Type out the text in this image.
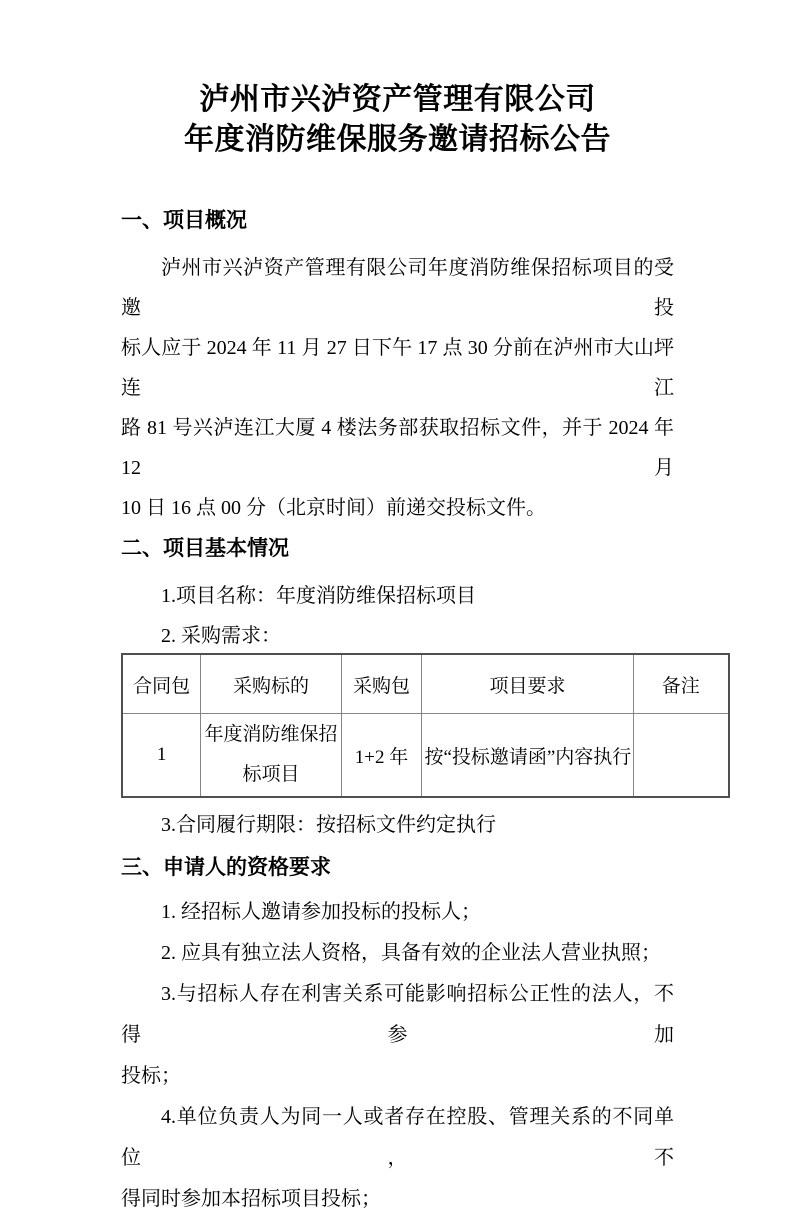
泸州市兴泸资产管理有限公司
年度消防维保服务邀请招标公告
一、项目概况
泸州市兴泸资产管理有限公司年度消防维保招标项目的受邀投
标人应于 2024 年 11 月 27 日下午 17 点 30 分前在泸州市大山坪连江
路 81 号兴泸连江大厦 4 楼法务部获取招标文件，并于 2024 年 12 月
10 日 16 点 00 分（北京时间）前递交投标文件。
二、项目基本情况
1.项目名称：年度消防维保招标项目
2. 采购需求：
合同包	采购标的	采购包	项目要求	备注
1	年度消防维保招
标项目	1+2 年	按“投标邀请函”内容执行	
3.合同履行期限：按招标文件约定执行
三、申请人的资格要求
1. 经招标人邀请参加投标的投标人；
2. 应具有独立法人资格，具备有效的企业法人营业执照；
3.与招标人存在利害关系可能影响招标公正性的法人，不得参加
投标；
4.单位负责人为同一人或者存在控股、管理关系的不同单位，不
得同时参加本招标项目投标；
